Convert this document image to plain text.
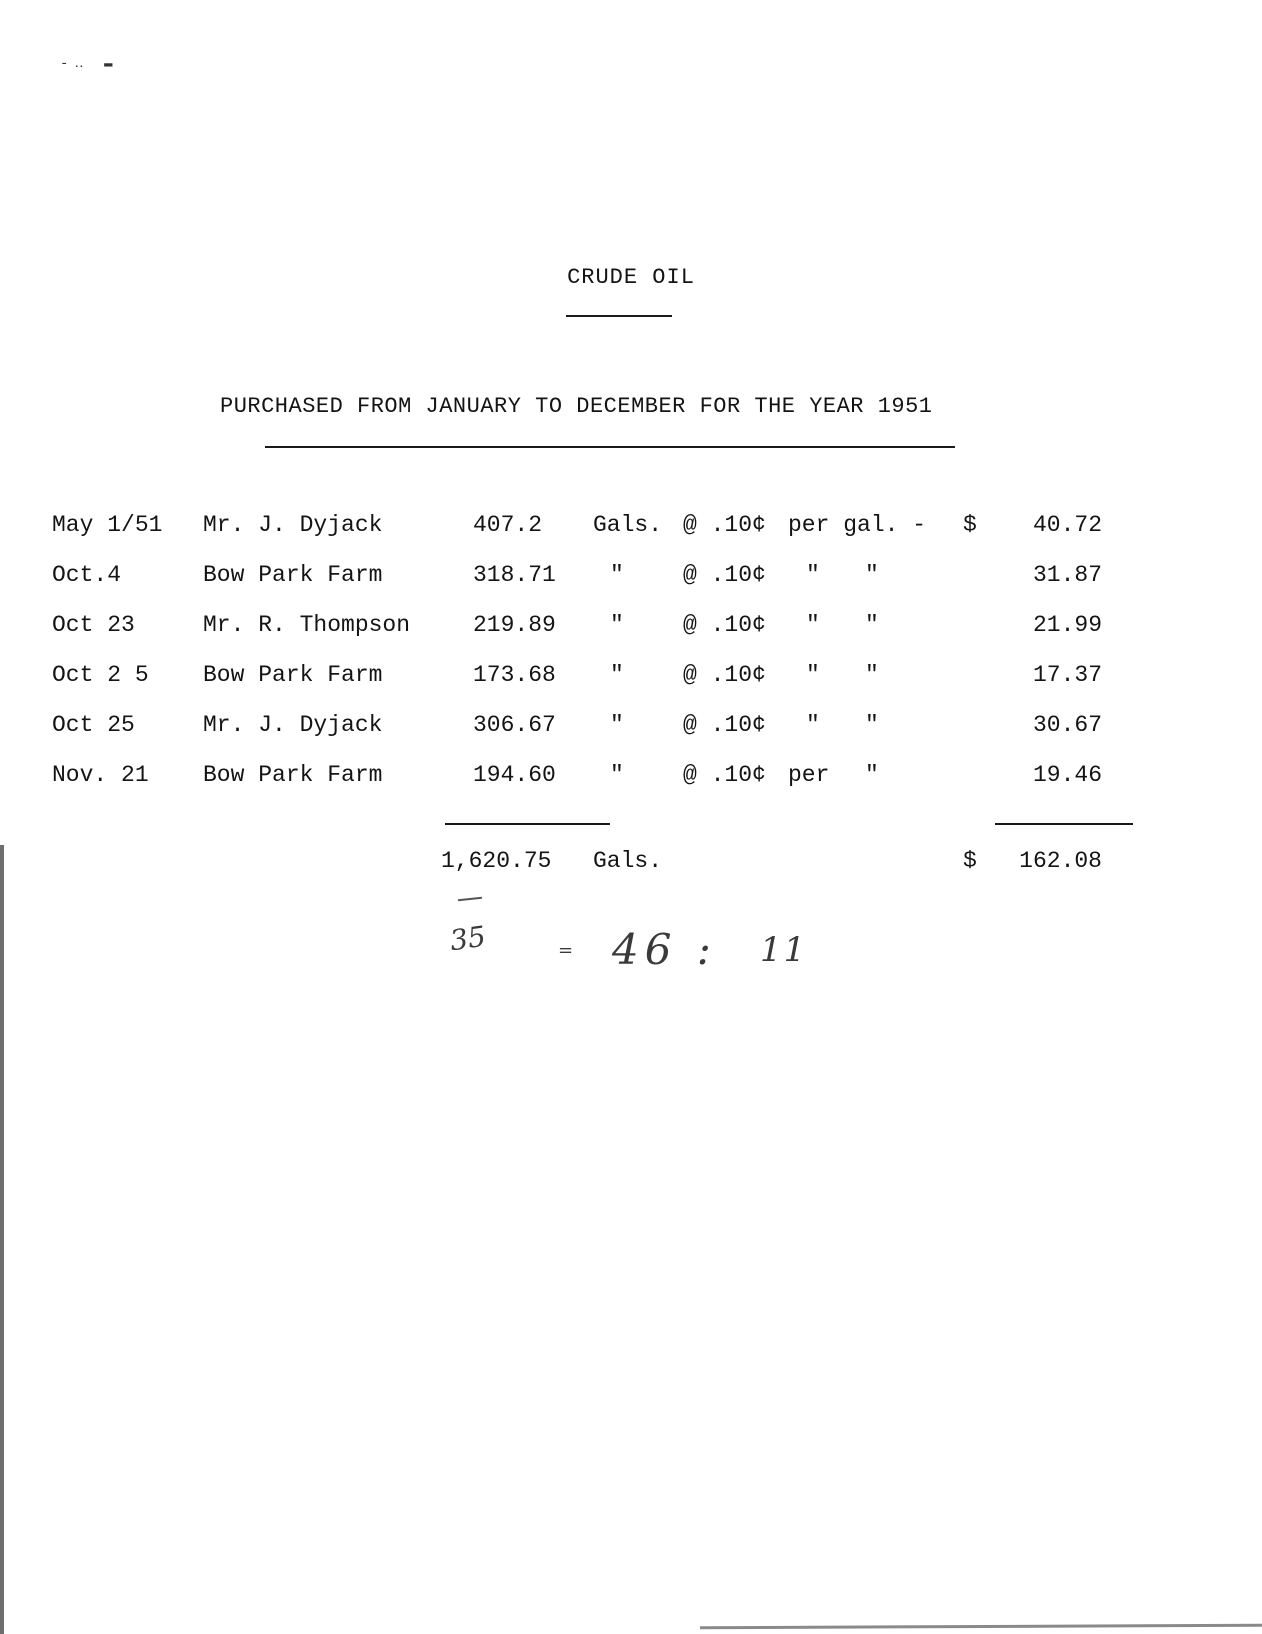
-‥ ▬
CRUDE OIL
PURCHASED FROM JANUARY TO DECEMBER FOR THE YEAR 1951
May 1/51 Mr. J. Dyjack	407.2 Gals. @ .10¢ per gal. - $	40.72
Oct.4	Bow Park Farm	318.71 "	@ .10¢ " "	31.87
Oct 23	Mr. R. Thompson	219.89 "	@ .10¢ " "	21.99
Oct 2 5 Bow Park Farm	173.68 "	@ .10¢ " "	17.37
Oct 25	Mr. J. Dyjack	306.67 "	@ .10¢ " "	30.67
Nov. 21 Bow Park Farm	194.60 "	@ .10¢ per "	19.46
1,620.75 Gals.	$	162.08
35	= 46 : 11
